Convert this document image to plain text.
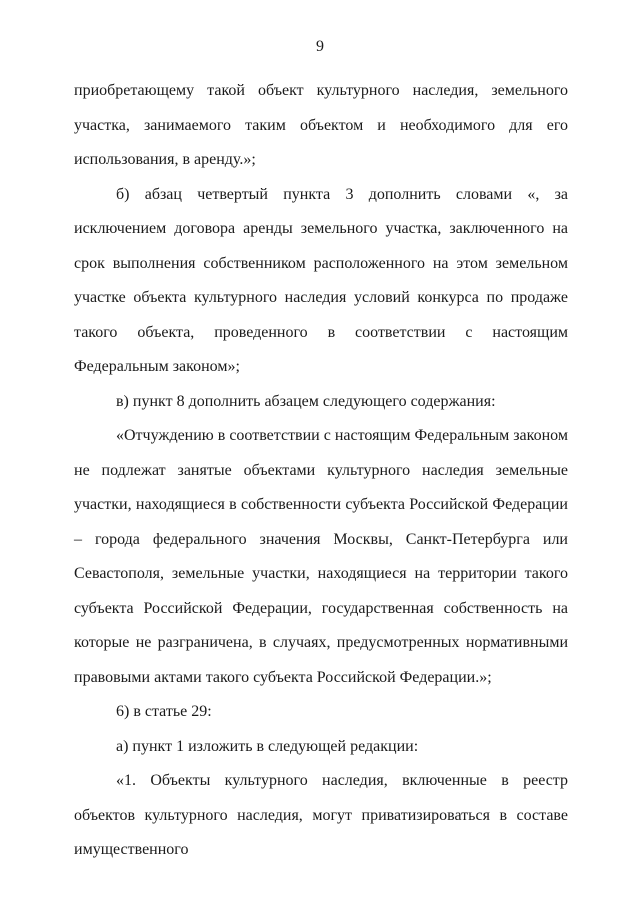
9

приобретающему такой объект культурного наследия, земельного участка, занимаемого таким объектом и необходимого для его использования, в аренду.»;

б) абзац четвертый пункта 3 дополнить словами «, за исключением договора аренды земельного участка, заключенного на срок выполнения собственником расположенного на этом земельном участке объекта культурного наследия условий конкурса по продаже такого объекта, проведенного в соответствии с настоящим Федеральным законом»;

в) пункт 8 дополнить абзацем следующего содержания:

«Отчуждению в соответствии с настоящим Федеральным законом не подлежат занятые объектами культурного наследия земельные участки, находящиеся в собственности субъекта Российской Федерации – города федерального значения Москвы, Санкт-Петербурга или Севастополя, земельные участки, находящиеся на территории такого субъекта Российской Федерации, государственная собственность на которые не разграничена, в случаях, предусмотренных нормативными правовыми актами такого субъекта Российской Федерации.»;

6) в статье 29:

а) пункт 1 изложить в следующей редакции:

«1. Объекты культурного наследия, включенные в реестр объектов культурного наследия, могут приватизироваться в составе имущественного
